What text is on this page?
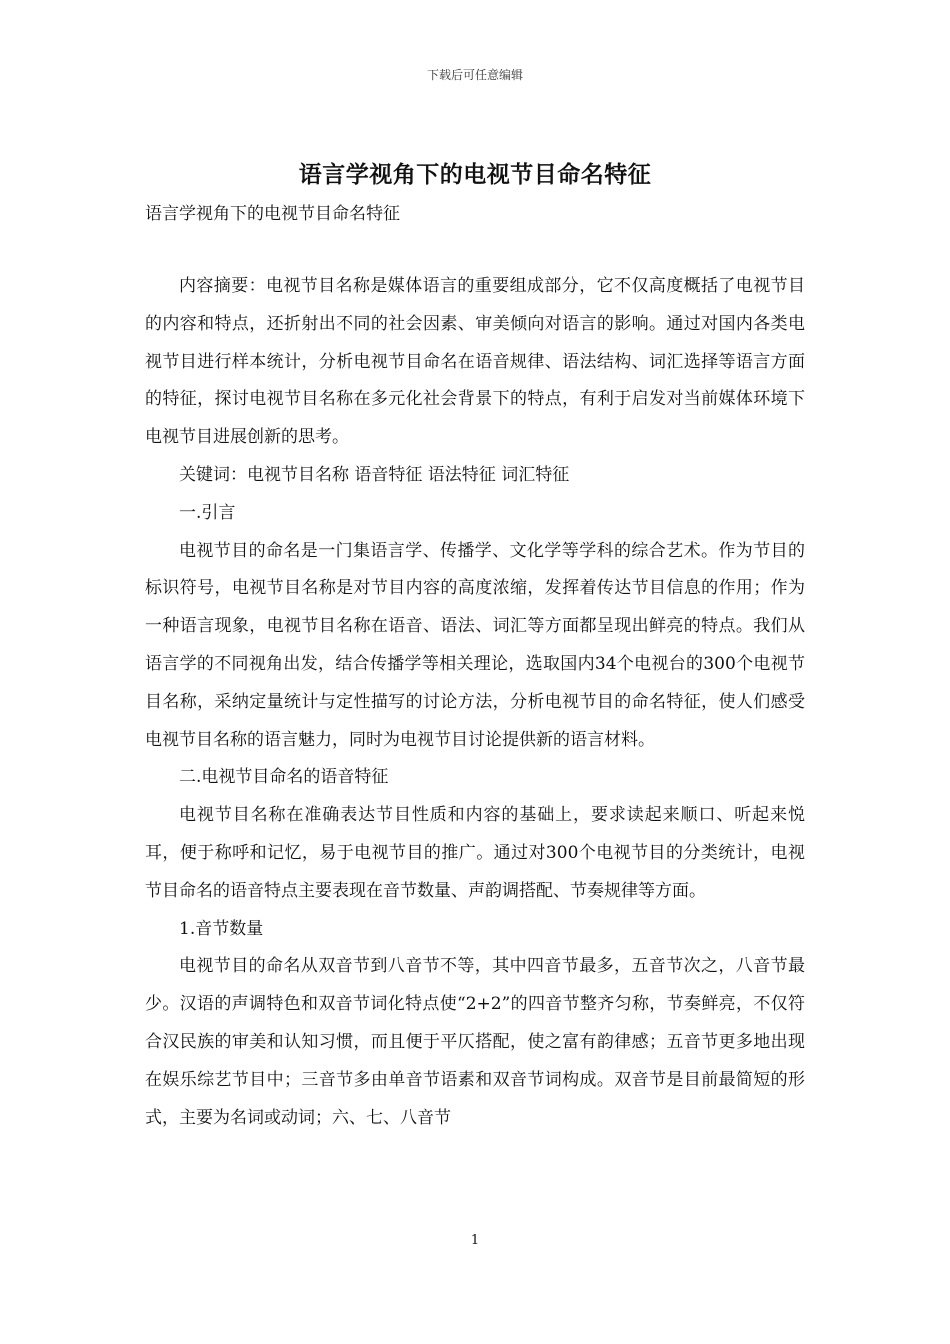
下载后可任意编辑
语言学视角下的电视节目命名特征
语言学视角下的电视节目命名特征

内容摘要：电视节目名称是媒体语言的重要组成部分，它不仅高度概括了电视节目的内容和特点，还折射出不同的社会因素、审美倾向对语言的影响。通过对国内各类电视节目进行样本统计，分析电视节目命名在语音规律、语法结构、词汇选择等语言方面的特征，探讨电视节目名称在多元化社会背景下的特点，有利于启发对当前媒体环境下电视节目进展创新的思考。

关键词：电视节目名称 语音特征 语法特征 词汇特征

一.引言

电视节目的命名是一门集语言学、传播学、文化学等学科的综合艺术。作为节目的标识符号，电视节目名称是对节目内容的高度浓缩，发挥着传达节目信息的作用；作为一种语言现象，电视节目名称在语音、语法、词汇等方面都呈现出鲜亮的特点。我们从语言学的不同视角出发，结合传播学等相关理论，选取国内34个电视台的300个电视节目名称，采纳定量统计与定性描写的讨论方法，分析电视节目的命名特征，使人们感受电视节目名称的语言魅力，同时为电视节目讨论提供新的语言材料。

二.电视节目命名的语音特征

电视节目名称在准确表达节目性质和内容的基础上，要求读起来顺口、听起来悦耳，便于称呼和记忆，易于电视节目的推广。通过对300个电视节目的分类统计，电视节目命名的语音特点主要表现在音节数量、声韵调搭配、节奏规律等方面。

1.音节数量

电视节目的命名从双音节到八音节不等，其中四音节最多，五音节次之，八音节最少。汉语的声调特色和双音节词化特点使“2+2”的四音节整齐匀称，节奏鲜亮，不仅符合汉民族的审美和认知习惯，而且便于平仄搭配，使之富有韵律感；五音节更多地出现在娱乐综艺节目中；三音节多由单音节语素和双音节词构成。双音节是目前最简短的形式，主要为名词或动词；六、七、八音节

1
